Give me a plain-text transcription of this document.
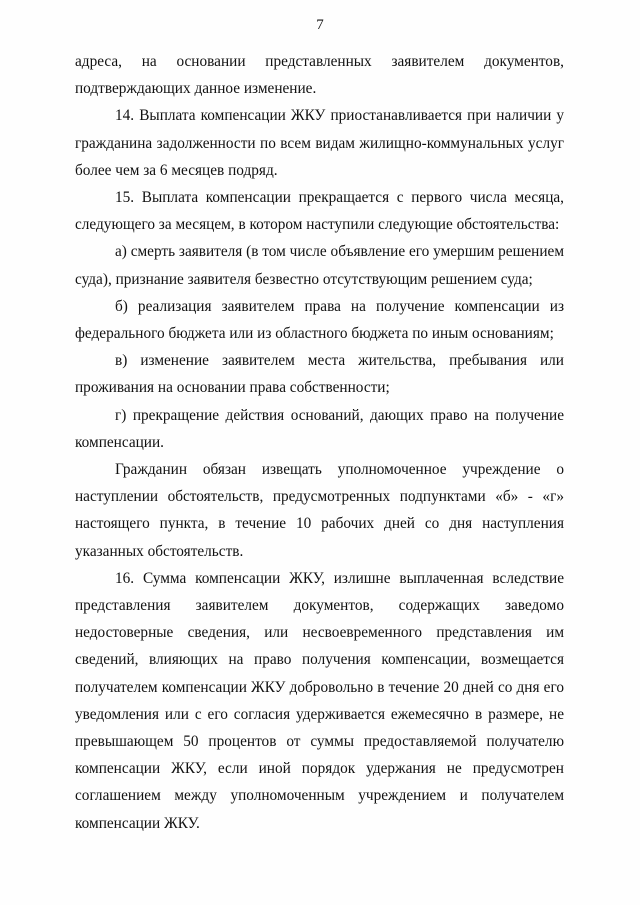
7

адреса, на основании представленных заявителем документов, подтверждающих данное изменение.

14. Выплата компенсации ЖКУ приостанавливается при наличии у гражданина задолженности по всем видам жилищно-коммунальных услуг более чем за 6 месяцев подряд.

15. Выплата компенсации прекращается с первого числа месяца, следующего за месяцем, в котором наступили следующие обстоятельства:

а) смерть заявителя (в том числе объявление его умершим решением суда), признание заявителя безвестно отсутствующим решением суда;

б) реализация заявителем права на получение компенсации из федерального бюджета или из областного бюджета по иным основаниям;

в) изменение заявителем места жительства, пребывания или проживания на основании права собственности;

г) прекращение действия оснований, дающих право на получение компенсации.

Гражданин обязан извещать уполномоченное учреждение о наступлении обстоятельств, предусмотренных подпунктами «б» - «г» настоящего пункта, в течение 10 рабочих дней со дня наступления указанных обстоятельств.

16. Сумма компенсации ЖКУ, излишне выплаченная вследствие представления заявителем документов, содержащих заведомо недостоверные сведения, или несвоевременного представления им сведений, влияющих на право получения компенсации, возмещается получателем компенсации ЖКУ добровольно в течение 20 дней со дня его уведомления или с его согласия удерживается ежемесячно в размере, не превышающем 50 процентов от суммы предоставляемой получателю компенсации ЖКУ, если иной порядок удержания не предусмотрен соглашением между уполномоченным учреждением и получателем компенсации ЖКУ.
